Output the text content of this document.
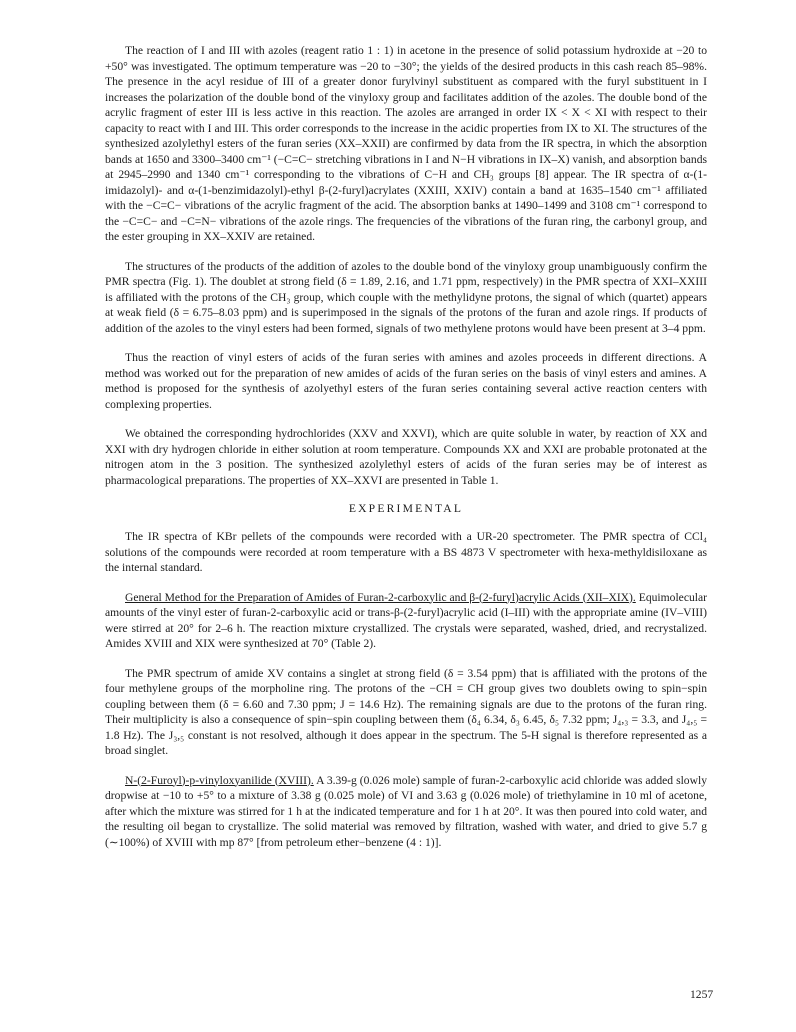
The reaction of I and III with azoles (reagent ratio 1 : 1) in acetone in the presence of solid potassium hydroxide at −20 to +50° was investigated. The optimum temperature was −20 to −30°; the yields of the desired products in this cash reach 85–98%. The presence in the acyl residue of III of a greater donor furylvinyl substituent as compared with the furyl substituent in I increases the polarization of the double bond of the vinyloxy group and facilitates addition of the azoles. The double bond of the acrylic fragment of ester III is less active in this reaction. The azoles are arranged in order IX < X < XI with respect to their capacity to react with I and III. This order corresponds to the increase in the acidic properties from IX to XI. The structures of the synthesized azolylethyl esters of the furan series (XX–XXII) are confirmed by data from the IR spectra, in which the absorption bands at 1650 and 3300–3400 cm⁻¹ (−C=C− stretching vibrations in I and N−H vibrations in IX–X) vanish, and absorption bands at 2945–2990 and 1340 cm⁻¹ corresponding to the vibrations of C−H and CH₃ groups [8] appear. The IR spectra of α-(1-imidazolyl)- and α-(1-benzimidazolyl)-ethyl β-(2-furyl)acrylates (XXIII, XXIV) contain a band at 1635–1540 cm⁻¹ affiliated with the −C=C− vibrations of the acrylic fragment of the acid. The absorption banks at 1490–1499 and 3108 cm⁻¹ correspond to the −C=C− and −C=N− vibrations of the azole rings. The frequencies of the vibrations of the furan ring, the carbonyl group, and the ester grouping in XX–XXIV are retained.

The structures of the products of the addition of azoles to the double bond of the vinyloxy group unambiguously confirm the PMR spectra (Fig. 1). The doublet at strong field (δ = 1.89, 2.16, and 1.71 ppm, respectively) in the PMR spectra of XXI–XXIII is affiliated with the protons of the CH₃ group, which couple with the methylidyne protons, the signal of which (quartet) appears at weak field (δ = 6.75–8.03 ppm) and is superimposed in the signals of the protons of the furan and azole rings. If products of addition of the azoles to the vinyl esters had been formed, signals of two methylene protons would have been present at 3–4 ppm.

Thus the reaction of vinyl esters of acids of the furan series with amines and azoles proceeds in different directions. A method was worked out for the preparation of new amides of acids of the furan series on the basis of vinyl esters and amines. A method is proposed for the synthesis of azolyethyl esters of the furan series containing several active reaction centers with complexing properties.

We obtained the corresponding hydrochlorides (XXV and XXVI), which are quite soluble in water, by reaction of XX and XXI with dry hydrogen chloride in either solution at room temperature. Compounds XX and XXI are probable protonated at the nitrogen atom in the 3 position. The synthesized azolylethyl esters of acids of the furan series may be of interest as pharmacological preparations. The properties of XX–XXVI are presented in Table 1.

EXPERIMENTAL

The IR spectra of KBr pellets of the compounds were recorded with a UR-20 spectrometer. The PMR spectra of CCl₄ solutions of the compounds were recorded at room temperature with a BS 4873 V spectrometer with hexa-methyldisiloxane as the internal standard.

General Method for the Preparation of Amides of Furan-2-carboxylic and β-(2-furyl)acrylic Acids (XII–XIX). Equimolecular amounts of the vinyl ester of furan-2-carboxylic acid or trans-β-(2-furyl)acrylic acid (I–III) with the appropriate amine (IV–VIII) were stirred at 20° for 2–6 h. The reaction mixture crystallized. The crystals were separated, washed, dried, and recrystalized. Amides XVIII and XIX were synthesized at 70° (Table 2).

The PMR spectrum of amide XV contains a singlet at strong field (δ = 3.54 ppm) that is affiliated with the protons of the four methylene groups of the morpholine ring. The protons of the −CH = CH group gives two doublets owing to spin−spin coupling between them (δ = 6.60 and 7.30 ppm; J = 14.6 Hz). The remaining signals are due to the protons of the furan ring. Their multiplicity is also a consequence of spin−spin coupling between them (δ₄ 6.34, δ₃ 6.45, δ₅ 7.32 ppm; J₄,₃ = 3.3, and J₄,₅ = 1.8 Hz). The J₃,₅ constant is not resolved, although it does appear in the spectrum. The 5-H signal is therefore represented as a broad singlet.

N-(2-Furoyl)-p-vinyloxyanilide (XVIII). A 3.39-g (0.026 mole) sample of furan-2-carboxylic acid chloride was added slowly dropwise at −10 to +5° to a mixture of 3.38 g (0.025 mole) of VI and 3.63 g (0.026 mole) of triethylamine in 10 ml of acetone, after which the mixture was stirred for 1 h at the indicated temperature and for 1 h at 20°. It was then poured into cold water, and the resulting oil began to crystallize. The solid material was removed by filtration, washed with water, and dried to give 5.7 g (∼100%) of XVIII with mp 87° [from petroleum ether−benzene (4 : 1)].

1257
